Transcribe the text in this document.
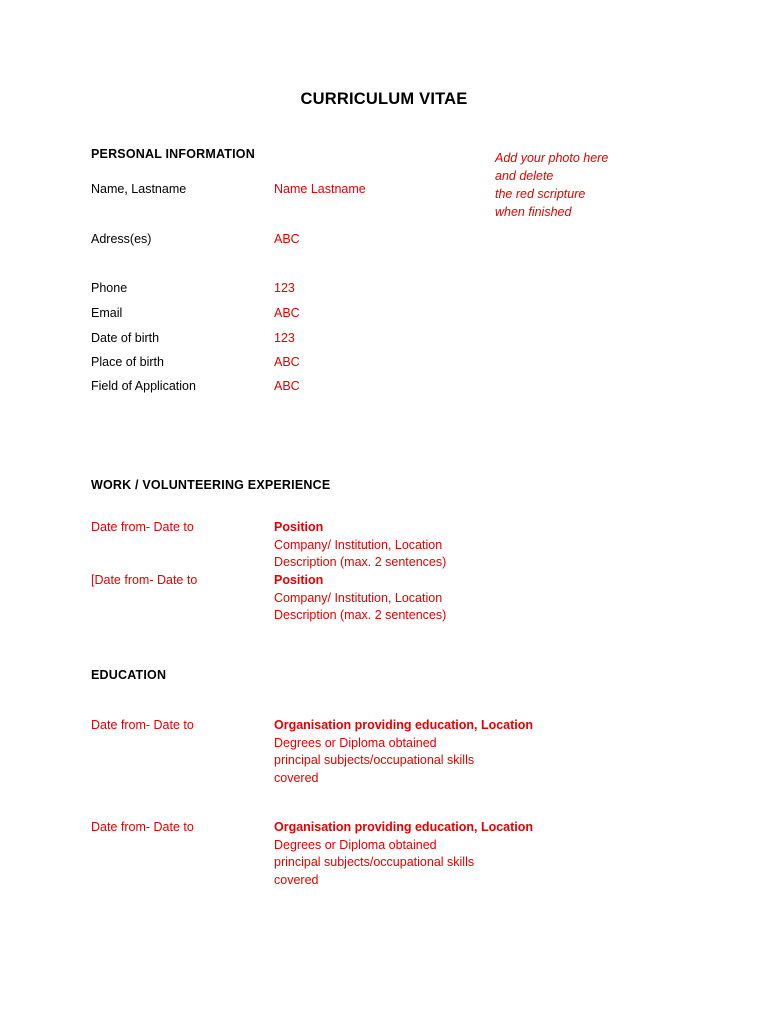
CURRICULUM VITAE
PERSONAL INFORMATION	Add your photo here
and delete
the red scripture
when finished
Name, Lastname	Name Lastname
Adress(es)	ABC
Phone	123
Email	ABC
Date of birth	123
Place of birth	ABC
Field of Application	ABC
WORK / VOLUNTEERING EXPERIENCE
Date from- Date to	Position
Company/ Institution, Location
Description (max. 2 sentences)
[Date from- Date to	Position
Company/ Institution, Location
Description (max. 2 sentences)
EDUCATION
Date from- Date to	Organisation providing education, Location
Degrees or Diploma obtained
principal subjects/occupational skills
covered
Date from- Date to	Organisation providing education, Location
Degrees or Diploma obtained
principal subjects/occupational skills
covered
